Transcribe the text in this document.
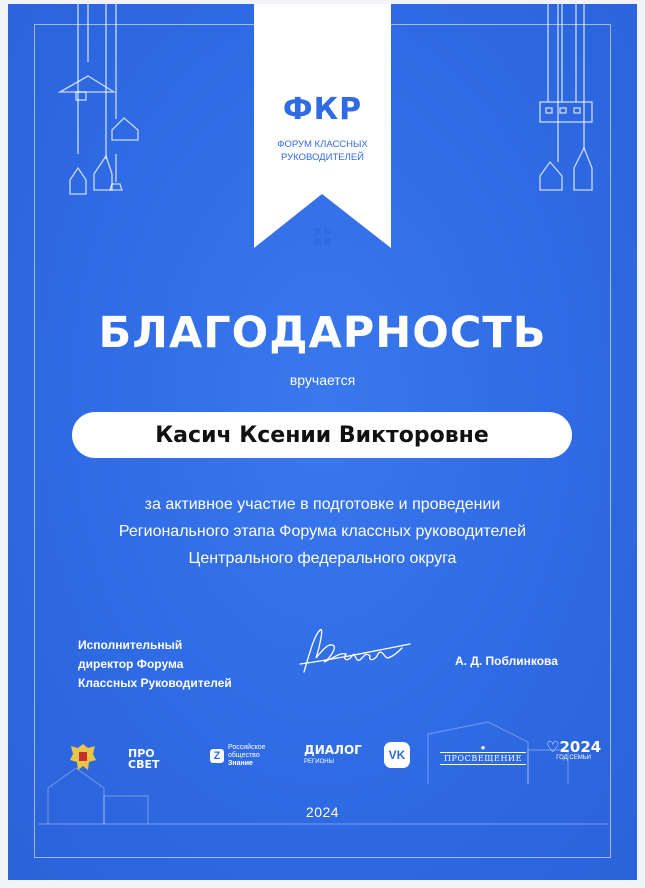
ФКР
ФОРУМ КЛАССНЫХ
РУКОВОДИТЕЛЕЙ
БЛАГОДАРНОСТЬ
вручается
Касич Ксении Викторовне
за активное участие в подготовке и проведении
Регионального этапа Форума классных руководителей
Центрального федерального округа
Исполнительный
директор Форума
Классных Руководителей
А. Д. Поблинкова
ПРО СВЕТ
Z
Российское
общество
Знание
ДИАЛОГ
РЕГИОНЫ	VK
●
ПРОСВЕЩЕНИЕ
♡2024
ГОД СЕМЬИ
2024
